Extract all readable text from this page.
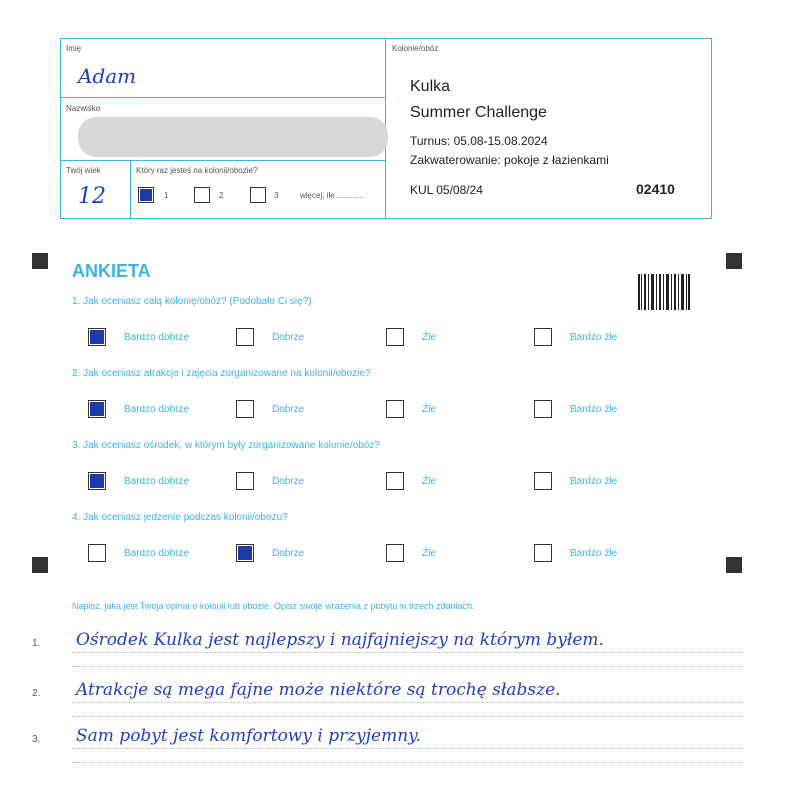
Imię
Adam
Nazwisko
Twój wiek
12
Który raz jesteś na kolonii/obozie?
1	2	3	więcej, ile ............
Kolonie/obóz
Kulka
Summer Challenge
Turnus: 05.08-15.08.2024
Zakwaterowanie: pokoje z łazienkami
KUL 05/08/24	02410
ANKIETA
1. Jak oceniasz całą kolonię/obóz? (Podobało Ci się?)
Bardzo dobrze	Dobrze	Źle	Bardzo źle
2. Jak oceniasz atrakcje i zajęcia zorganizowane na kolonii/obozie?
Bardzo dobrze	Dobrze	Źle	Bardzo źle
3. Jak oceniasz ośrodek, w którym były zorganizowane kolonie/obóz?
Bardzo dobrze	Dobrze	Źle	Bardzo źle
4. Jak oceniasz jedzenie podczas kolonii/obozu?
Bardzo dobrze	Dobrze	Źle	Bardzo źle
Napisz, jaka jest Twoja opinia o kolonii lub obozie. Opisz swoje wrażenia z pobytu w trzech zdaniach.
1. Ośrodek Kulka jest najlepszy i najfajniejszy na którym byłem.
2. Atrakcje są mega fajne może niektóre są trochę słabsze.
3. Sam pobyt jest komfortowy i przyjemny.
